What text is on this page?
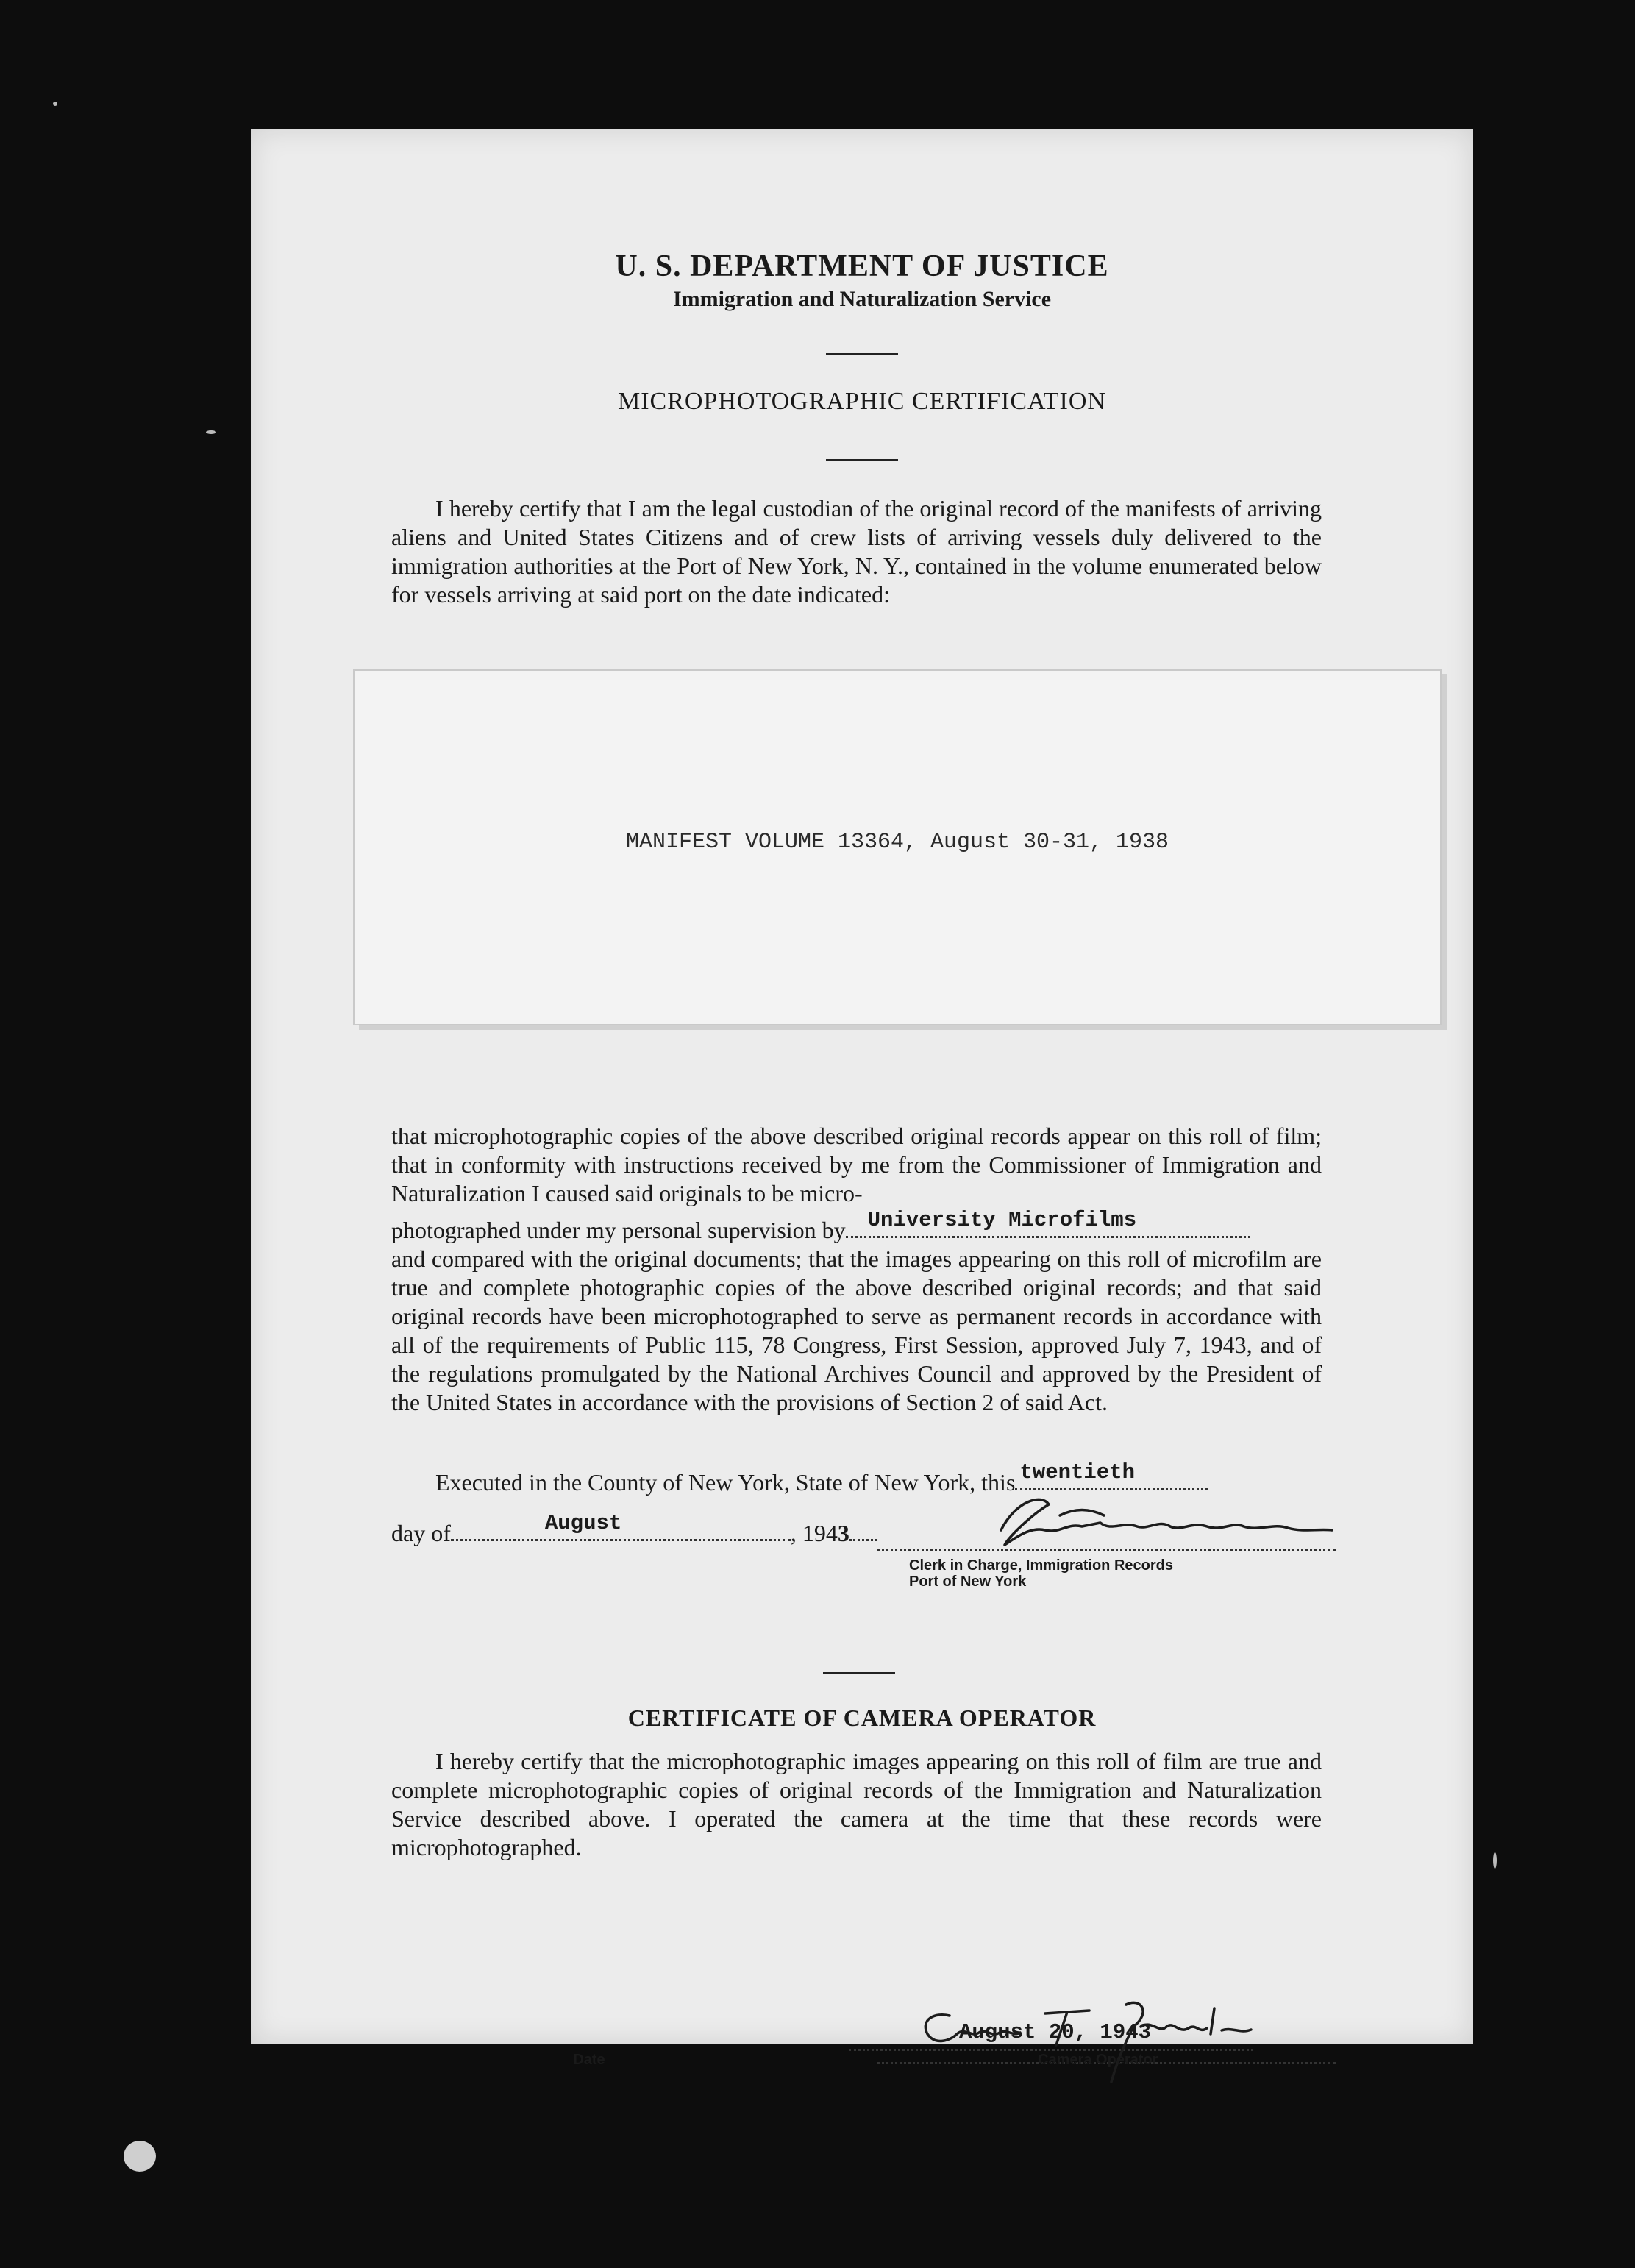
U. S. DEPARTMENT OF JUSTICE
Immigration and Naturalization Service
MICROPHOTOGRAPHIC CERTIFICATION

I hereby certify that I am the legal custodian of the original record of the manifests of arriving aliens and United States Citizens and of crew lists of arriving vessels duly delivered to the immigration authorities at the Port of New York, N. Y., contained in the volume enumerated below for vessels arriving at said port on the date indicated:

MANIFEST VOLUME 13364, August 30-31, 1938

that microphotographic copies of the above described original records appear on this roll of film; that in conformity with instructions received by me from the Commissioner of Immigration and Naturalization I caused said originals to be micro-

photographed under my personal supervision by University Microfilms

and compared with the original documents; that the images appearing on this roll of microfilm are true and complete photographic copies of the above described original records; and that said original records have been microphotographed to serve as permanent records in accordance with all of the requirements of Public 115, 78 Congress, First Session, approved July 7, 1943, and of the regulations promulgated by the National Archives Council and approved by the President of the United States in accordance with the provisions of Section 2 of said Act.

Executed in the County of New York, State of New York, this twentieth
day of	August	, 1943

Clerk in Charge, Immigration Records
Port of New York
CERTIFICATE OF CAMERA OPERATOR

I hereby certify that the microphotographic images appearing on this roll of film are true and complete microphotographic copies of original records of the Immigration and Naturalization Service described above. I operated the camera at the time that these records were microphotographed.

August 20, 1943

Date	Camera Operator
